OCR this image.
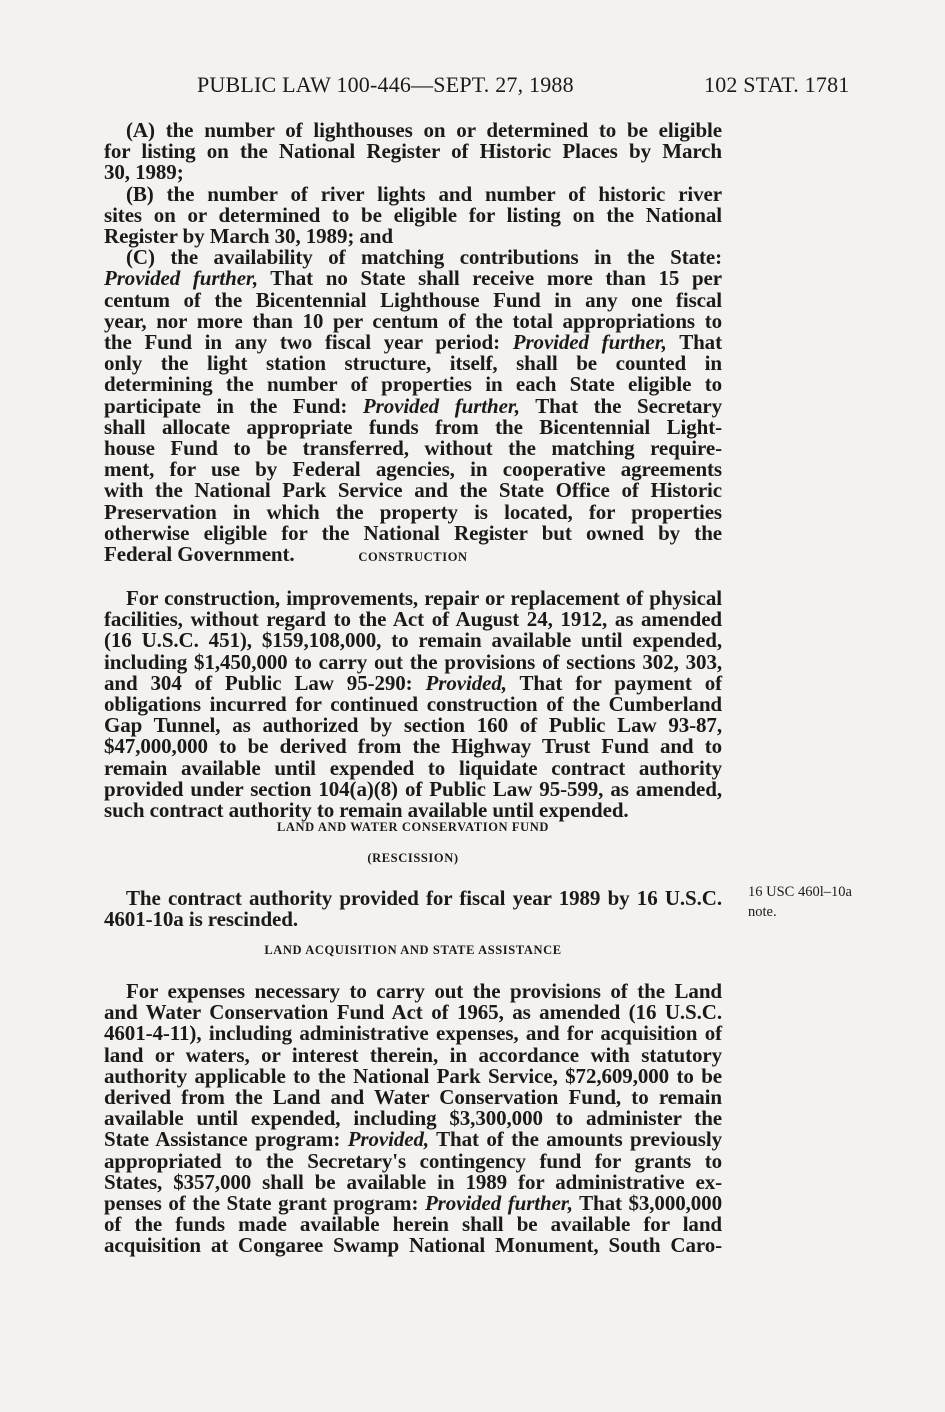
PUBLIC LAW 100-446—SEPT. 27, 1988	102 STAT. 1781
CONSTRUCTION
LAND AND WATER CONSERVATION FUND
(RESCISSION)
LAND ACQUISITION AND STATE ASSISTANCE
16 USC 460l–10a
note.
(A) the number of lighthouses on or determined to be eligible
for listing on the National Register of Historic Places by March
30, 1989;
(B) the number of river lights and number of historic river
sites on or determined to be eligible for listing on the National
Register by March 30, 1989; and
(C) the availability of matching contributions in the State:
Provided further, That no State shall receive more than 15 per
centum of the Bicentennial Lighthouse Fund in any one fiscal
year, nor more than 10 per centum of the total appropriations to
the Fund in any two fiscal year period: Provided further, That
only the light station structure, itself, shall be counted in
determining the number of properties in each State eligible to
participate in the Fund: Provided further, That the Secretary
shall allocate appropriate funds from the Bicentennial Light-
house Fund to be transferred, without the matching require-
ment, for use by Federal agencies, in cooperative agreements
with the National Park Service and the State Office of Historic
Preservation in which the property is located, for properties
otherwise eligible for the National Register but owned by the
Federal Government.
For construction, improvements, repair or replacement of physical
facilities, without regard to the Act of August 24, 1912, as amended
(16 U.S.C. 451), $159,108,000, to remain available until expended,
including $1,450,000 to carry out the provisions of sections 302, 303,
and 304 of Public Law 95-290: Provided, That for payment of
obligations incurred for continued construction of the Cumberland
Gap Tunnel, as authorized by section 160 of Public Law 93-87,
$47,000,000 to be derived from the Highway Trust Fund and to
remain available until expended to liquidate contract authority
provided under section 104(a)(8) of Public Law 95-599, as amended,
such contract authority to remain available until expended.
The contract authority provided for fiscal year 1989 by 16 U.S.C.
4601-10a is rescinded.
For expenses necessary to carry out the provisions of the Land
and Water Conservation Fund Act of 1965, as amended (16 U.S.C.
4601-4-11), including administrative expenses, and for acquisition of
land or waters, or interest therein, in accordance with statutory
authority applicable to the National Park Service, $72,609,000 to be
derived from the Land and Water Conservation Fund, to remain
available until expended, including $3,300,000 to administer the
State Assistance program: Provided, That of the amounts previously
appropriated to the Secretary's contingency fund for grants to
States, $357,000 shall be available in 1989 for administrative ex-
penses of the State grant program: Provided further, That $3,000,000
of the funds made available herein shall be available for land
acquisition at Congaree Swamp National Monument, South Caro-
